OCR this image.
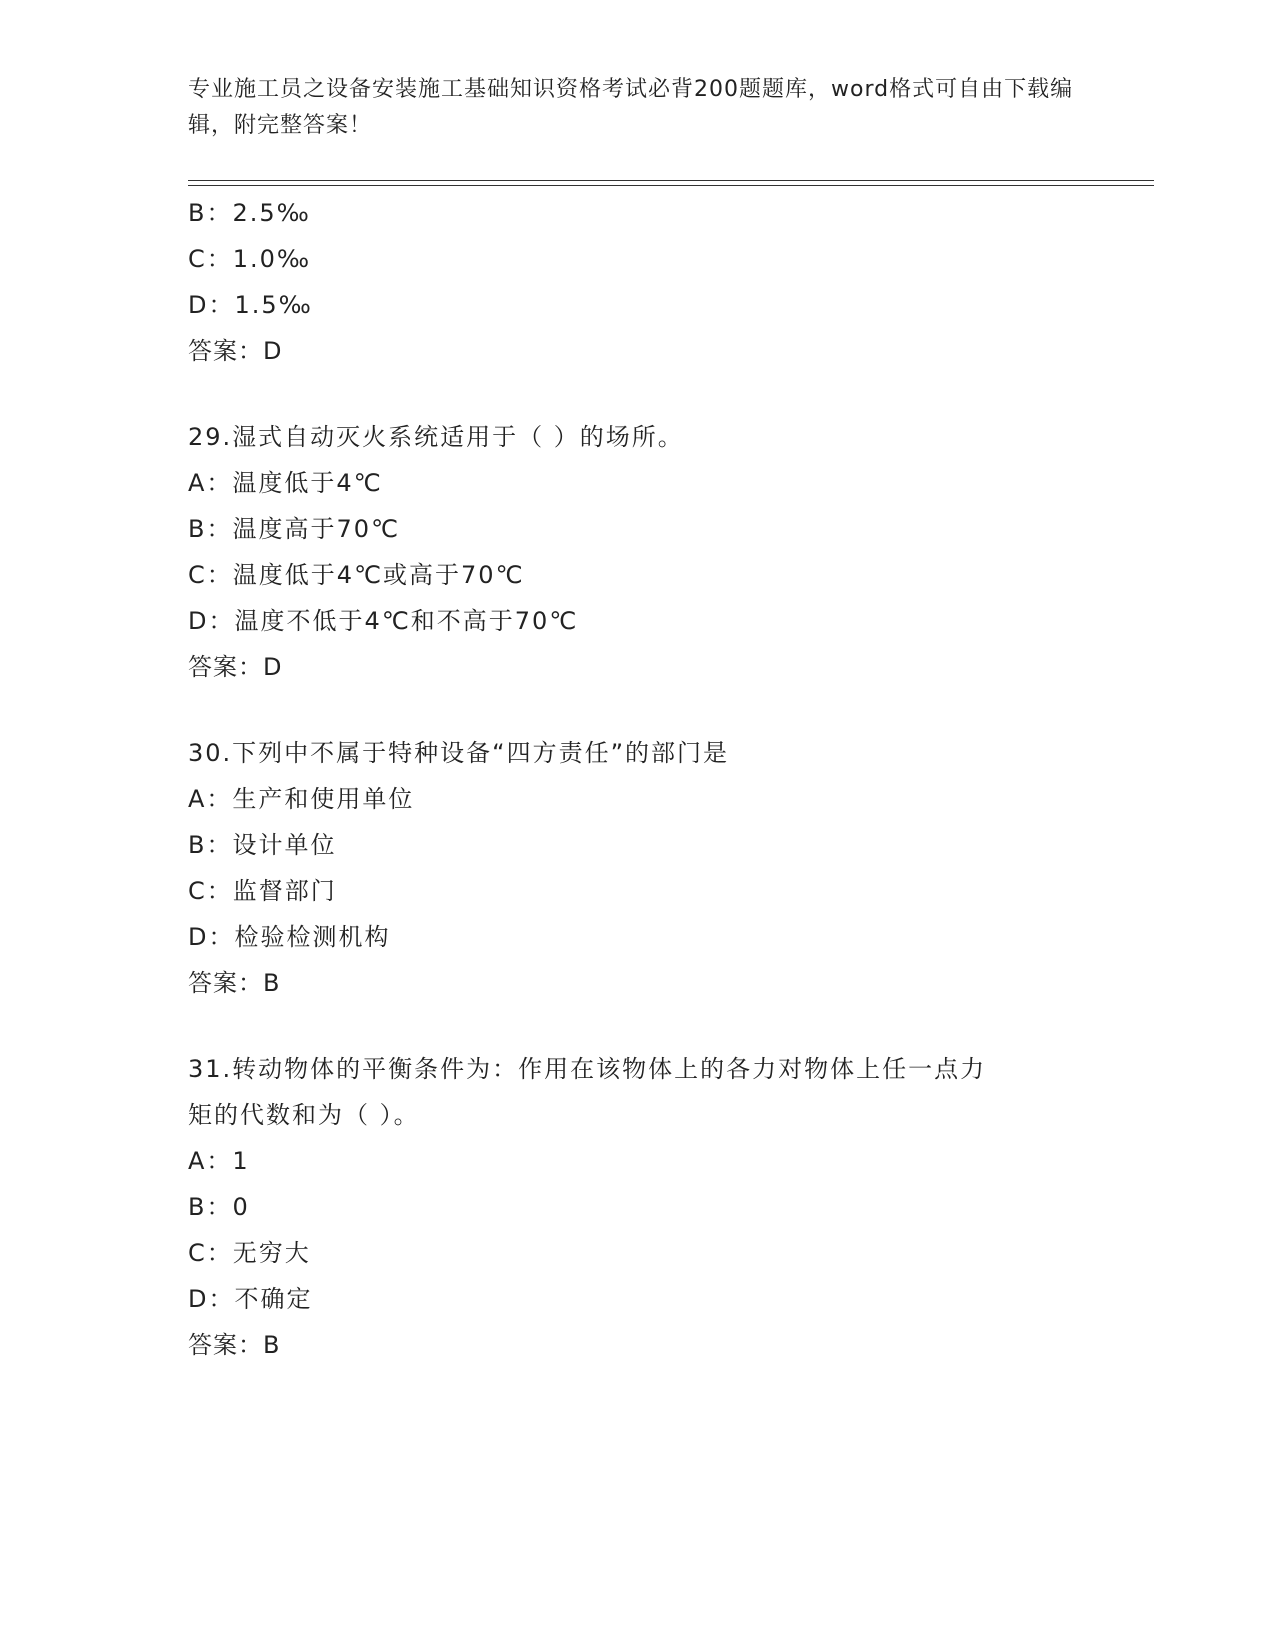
专业施工员之设备安装施工基础知识资格考试必背200题题库，word格式可自由下载编辑，附完整答案！
B：2.5‰
C：1.0‰
D：1.5‰
答案：D
29.湿式自动灭火系统适用于（ ）的场所。
A：温度低于4℃
B：温度高于70℃
C：温度低于4℃或高于70℃
D：温度不低于4℃和不高于70℃
答案：D
30.下列中不属于特种设备“四方责任”的部门是
A：生产和使用单位
B：设计单位
C：监督部门
D：检验检测机构
答案：B
31.转动物体的平衡条件为：作用在该物体上的各力对物体上任一点力
矩的代数和为（ ）。
A：1
B：0
C：无穷大
D：不确定
答案：B
